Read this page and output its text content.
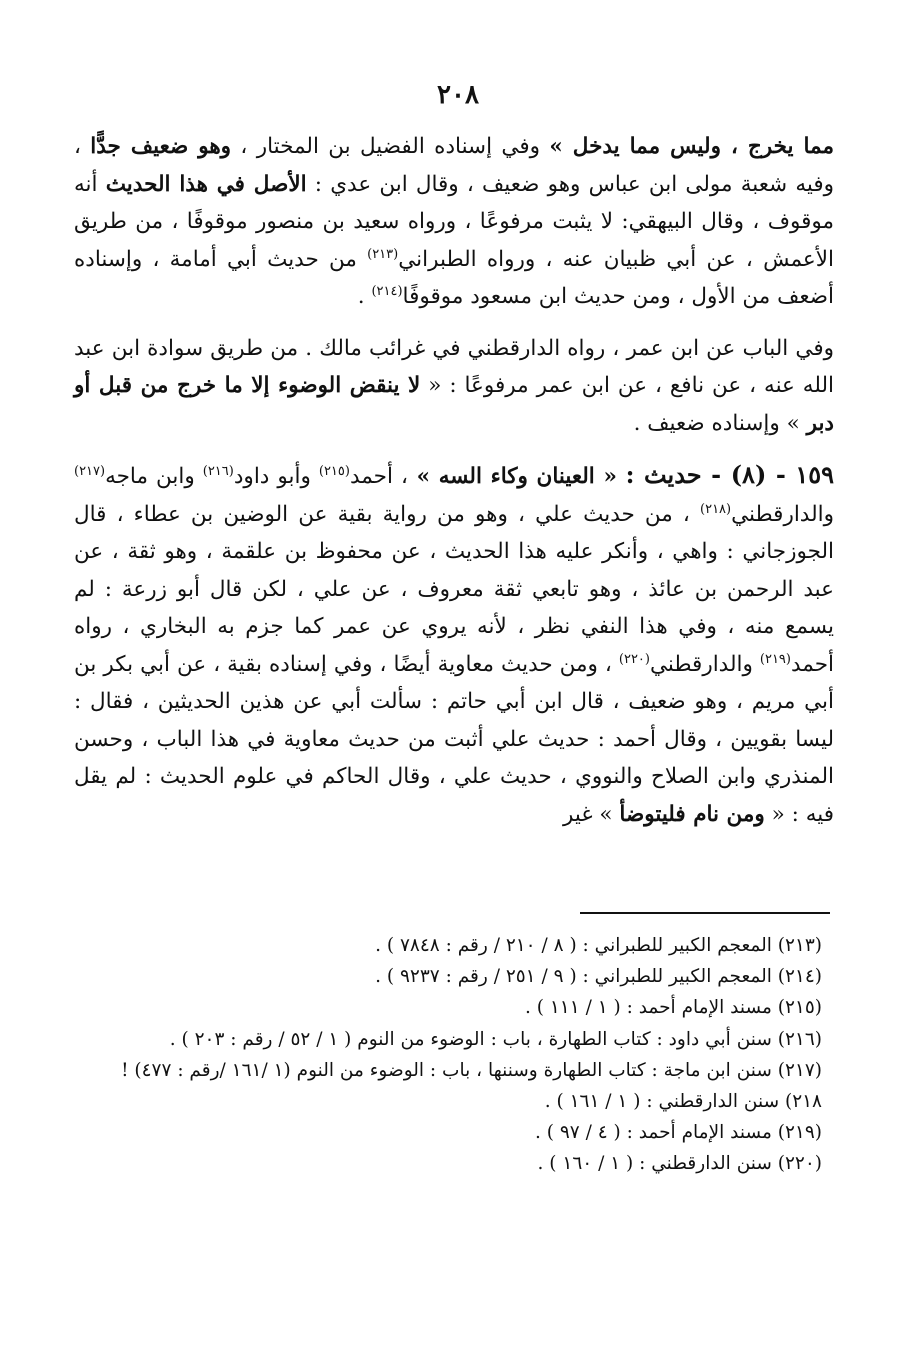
٢٠٨

مما يخرج ، وليس مما يدخل » وفي إسناده الفضيل بن المختار ، وهو ضعيف جدًّا ، وفيه شعبة مولى ابن عباس وهو ضعيف ، وقال ابن عدي : الأصل في هذا الحديث أنه موقوف ، وقال البيهقي: لا يثبت مرفوعًا ، ورواه سعيد بن منصور موقوفًا ، من طريق الأعمش ، عن أبي ظبيان عنه ، ورواه الطبراني$^{(٢١٣)}$ من حديث أبي أمامة ، وإسناده أضعف من الأول ، ومن حديث ابن مسعود موقوفًا$^{(٢١٤)}$ .

وفي الباب عن ابن عمر ، رواه الدارقطني في غرائب مالك . من طريق سوادة ابن عبد الله عنه ، عن نافع ، عن ابن عمر مرفوعًا : « لا ينقض الوضوء إلا ما خرج من قبل أو دبر » وإسناده ضعيف .

١٥٩ - (٨) - حديث : « العينان وكاء السه » ، أحمد$^{(٢١٥)}$ وأبو داود$^{(٢١٦)}$ وابن ماجه$^{(٢١٧)}$ والدارقطني$^{(٢١٨)}$ ، من حديث علي ، وهو من رواية بقية عن الوضين بن عطاء ، قال الجوزجاني : واهي ، وأنكر عليه هذا الحديث ، عن محفوظ بن علقمة ، وهو ثقة ، عن عبد الرحمن بن عائذ ، وهو تابعي ثقة معروف ، عن علي ، لكن قال أبو زرعة : لم يسمع منه ، وفي هذا النفي نظر ، لأنه يروي عن عمر كما جزم به البخاري ، رواه أحمد$^{(٢١٩)}$ والدارقطني$^{(٢٢٠)}$ ، ومن حديث معاوية أيضًا ، وفي إسناده بقية ، عن أبي بكر بن أبي مريم ، وهو ضعيف ، قال ابن أبي حاتم : سألت أبي عن هذين الحديثين ، فقال : ليسا بقويين ، وقال أحمد : حديث علي أثبت من حديث معاوية في هذا الباب ، وحسن المنذري وابن الصلاح والنووي ، حديث علي ، وقال الحاكم في علوم الحديث : لم يقل فيه : « ومن نام فليتوضأ » غير

(٢١٣) المعجم الكبير للطبراني : ( ٨ / ٢١٠ / رقم : ٧٨٤٨ ) .
(٢١٤) المعجم الكبير للطبراني : ( ٩ / ٢٥١ / رقم : ٩٢٣٧ ) .
(٢١٥) مسند الإمام أحمد : ( ١ / ١١١ ) .
(٢١٦) سنن أبي داود : كتاب الطهارة ، باب : الوضوء من النوم ( ١ / ٥٢ / رقم : ٢٠٣ ) .
(٢١٧) سنن ابن ماجة : كتاب الطهارة وسننها ، باب : الوضوء من النوم (١ /١٦١ /رقم : ٤٧٧) !
٢١٨) سنن الدارقطني : ( ١ / ١٦١ ) .
(٢١٩) مسند الإمام أحمد : ( ٤ / ٩٧ ) .
(٢٢٠) سنن الدارقطني : ( ١ / ١٦٠ ) .
